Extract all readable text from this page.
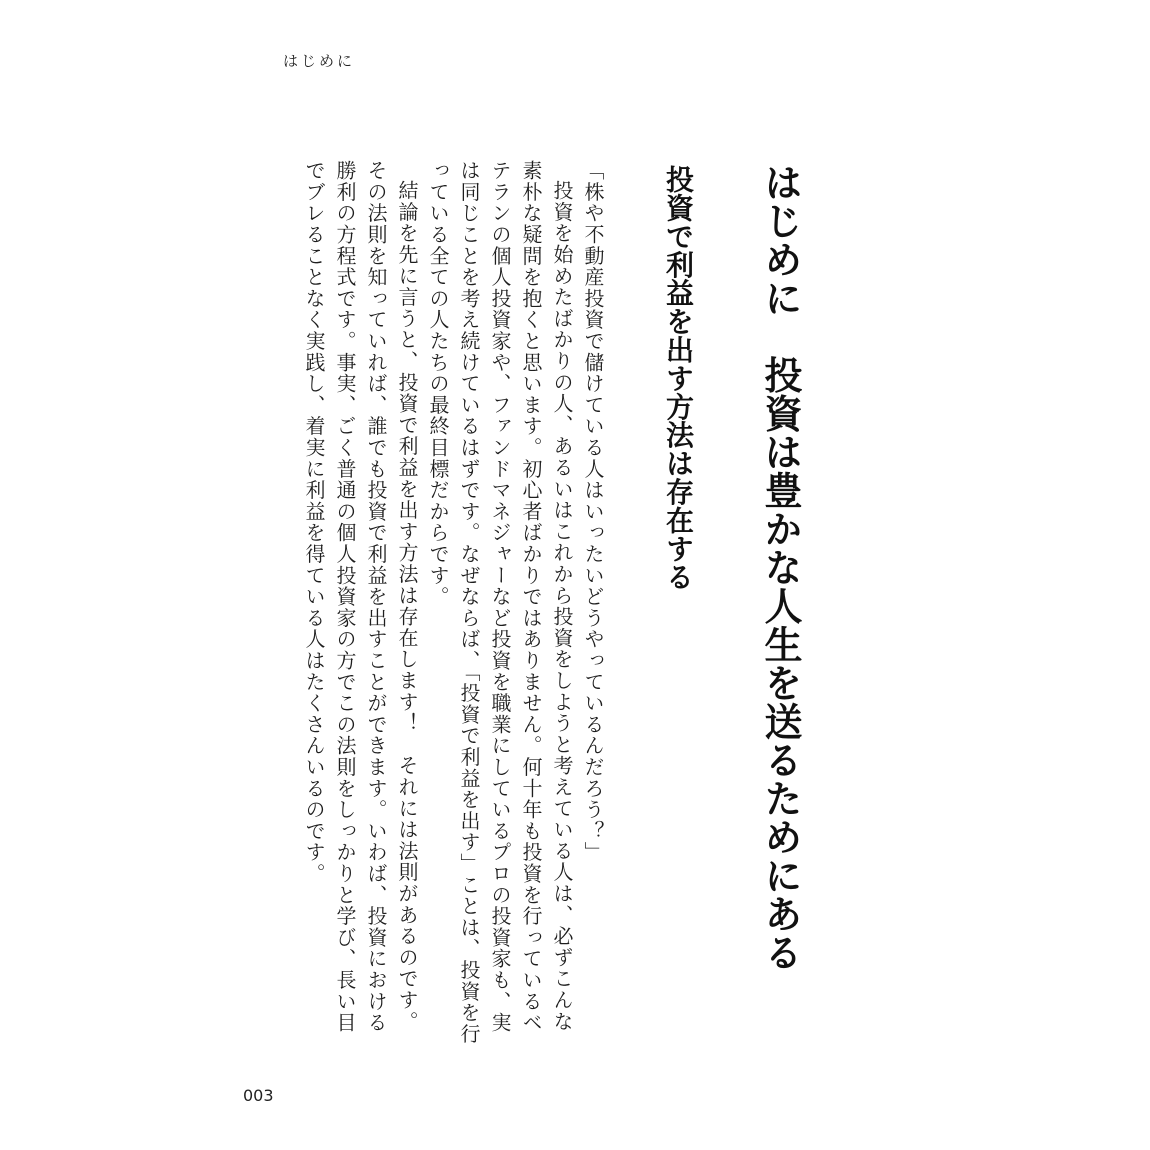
はじめに
はじめに　投資は豊かな人生を送るためにある
投資で利益を出す方法は存在する

「株や不動産投資で儲けている人はいったいどうやっているんだろう？」

投資を始めたばかりの人、あるいはこれから投資をしようと考えている人は、必ずこんな素朴な疑問を抱くと思います。初心者ばかりではありません。何十年も投資を行っているベテランの個人投資家や、ファンドマネジャーなど投資を職業にしているプロの投資家も、実は同じことを考え続けているはずです。なぜならば、「投資で利益を出す」ことは、投資を行っている全ての人たちの最終目標だからです。

結論を先に言うと、投資で利益を出す方法は存在します！　それには法則があるのです。その法則を知っていれば、誰でも投資で利益を出すことができます。いわば、投資における勝利の方程式です。事実、ごく普通の個人投資家の方でこの法則をしっかりと学び、長い目でブレることなく実践し、着実に利益を得ている人はたくさんいるのです。

003
